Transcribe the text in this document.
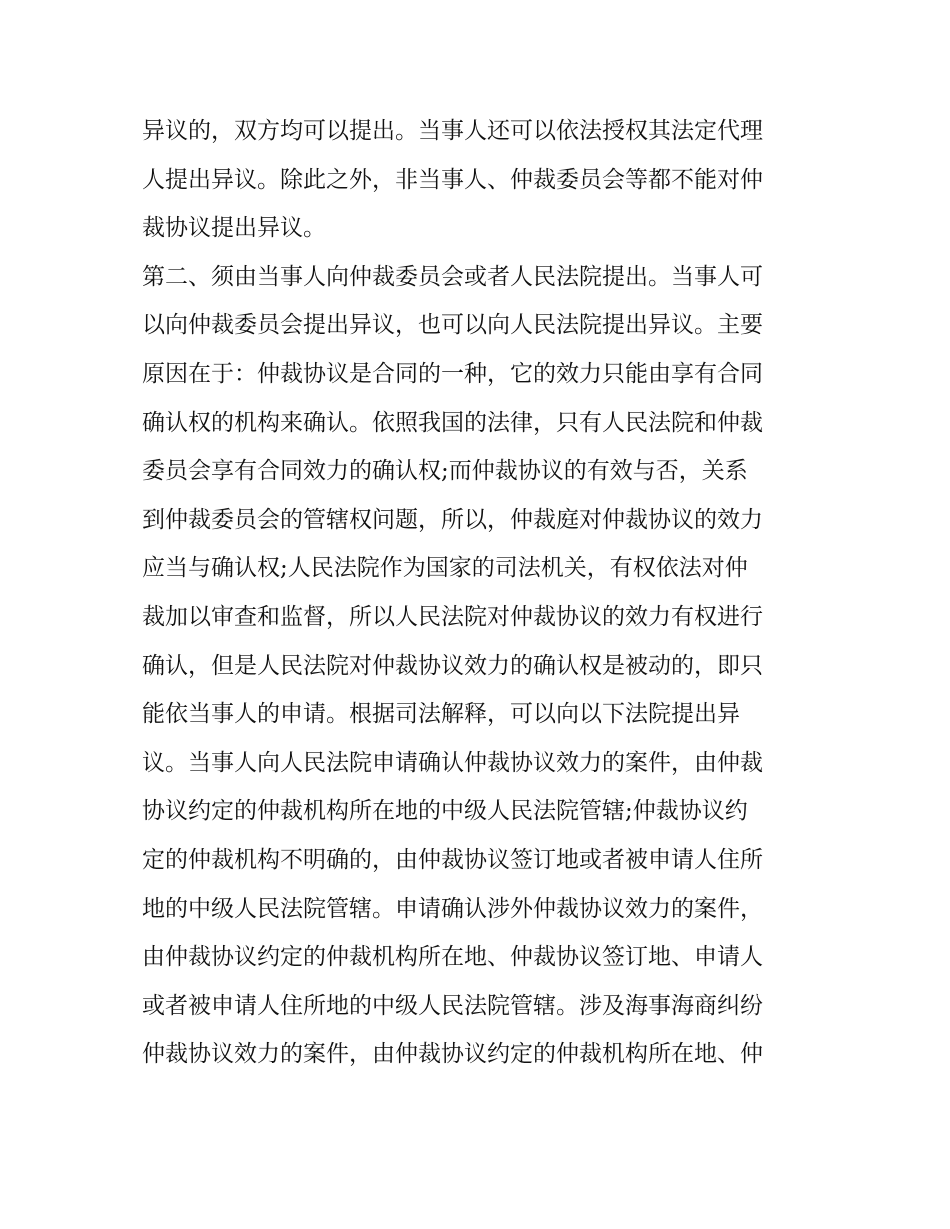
异议的，双方均可以提出。当事人还可以依法授权其法定代理
人提出异议。除此之外，非当事人、仲裁委员会等都不能对仲
裁协议提出异议。
第二、须由当事人向仲裁委员会或者人民法院提出。当事人可
以向仲裁委员会提出异议，也可以向人民法院提出异议。主要
原因在于：仲裁协议是合同的一种，它的效力只能由享有合同
确认权的机构来确认。依照我国的法律，只有人民法院和仲裁
委员会享有合同效力的确认权;而仲裁协议的有效与否，关系
到仲裁委员会的管辖权问题，所以，仲裁庭对仲裁协议的效力
应当与确认权;人民法院作为国家的司法机关，有权依法对仲
裁加以审查和监督，所以人民法院对仲裁协议的效力有权进行
确认，但是人民法院对仲裁协议效力的确认权是被动的，即只
能依当事人的申请。根据司法解释，可以向以下法院提出异
议。当事人向人民法院申请确认仲裁协议效力的案件，由仲裁
协议约定的仲裁机构所在地的中级人民法院管辖;仲裁协议约
定的仲裁机构不明确的，由仲裁协议签订地或者被申请人住所
地的中级人民法院管辖。申请确认涉外仲裁协议效力的案件，
由仲裁协议约定的仲裁机构所在地、仲裁协议签订地、申请人
或者被申请人住所地的中级人民法院管辖。涉及海事海商纠纷
仲裁协议效力的案件，由仲裁协议约定的仲裁机构所在地、仲
